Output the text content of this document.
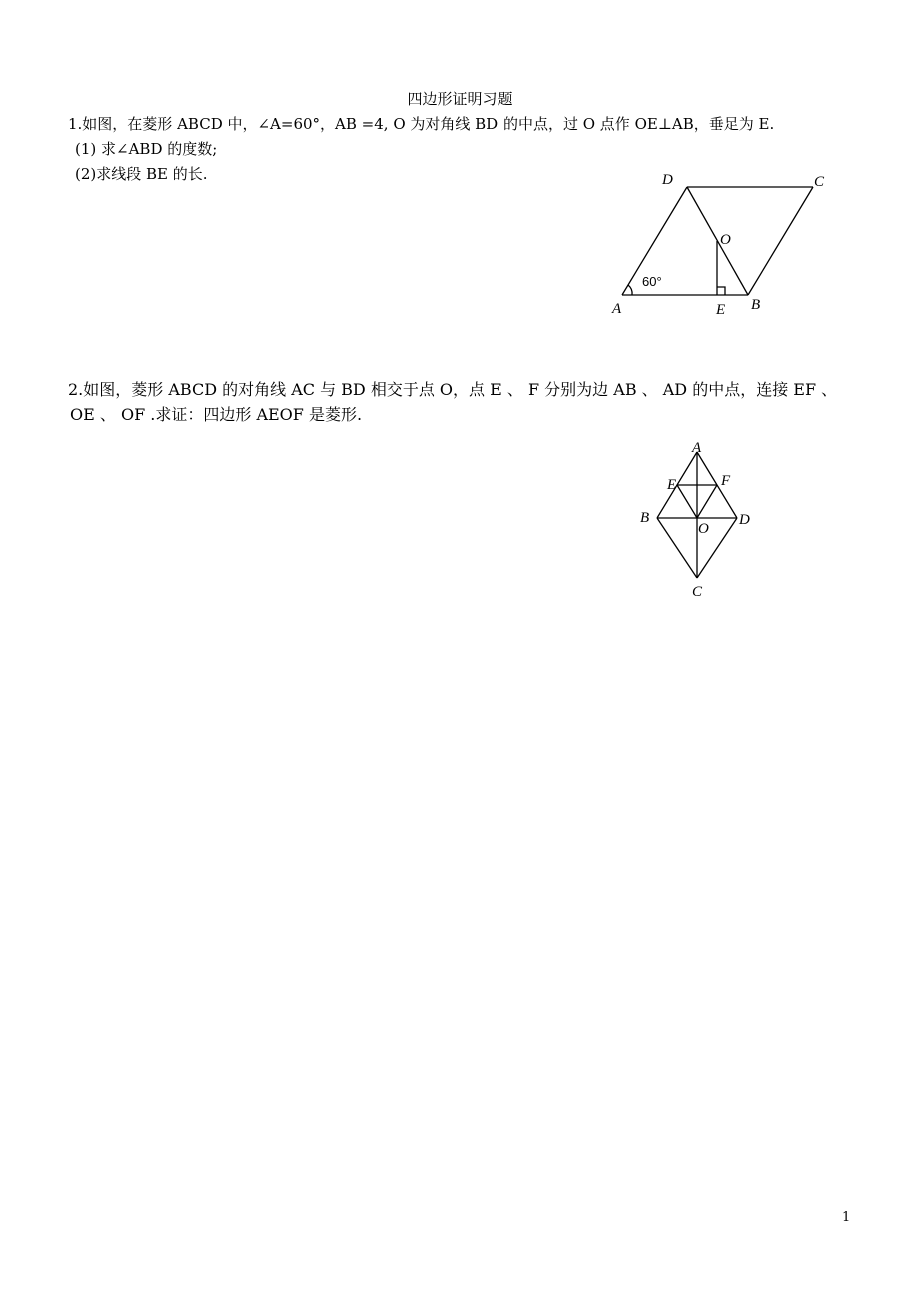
四边形证明习题
1.如图，在菱形 ABCD 中，∠A=60°，AB =4, O 为对角线 BD 的中点，过 O 点作 OE⊥AB，垂足为 E.
(1) 求∠ABD 的度数;
(2)求线段 BE 的长.
A	B
C
D
O
E
60°
2.如图，菱形 ABCD 的对角线 AC 与 BD 相交于点 O，点 E 、 F 分别为边 AB 、 AD 的中点，连接 EF 、
OE 、 OF .求证：四边形 AEOF 是菱形.
A
B
C
D
E	F
O
1
